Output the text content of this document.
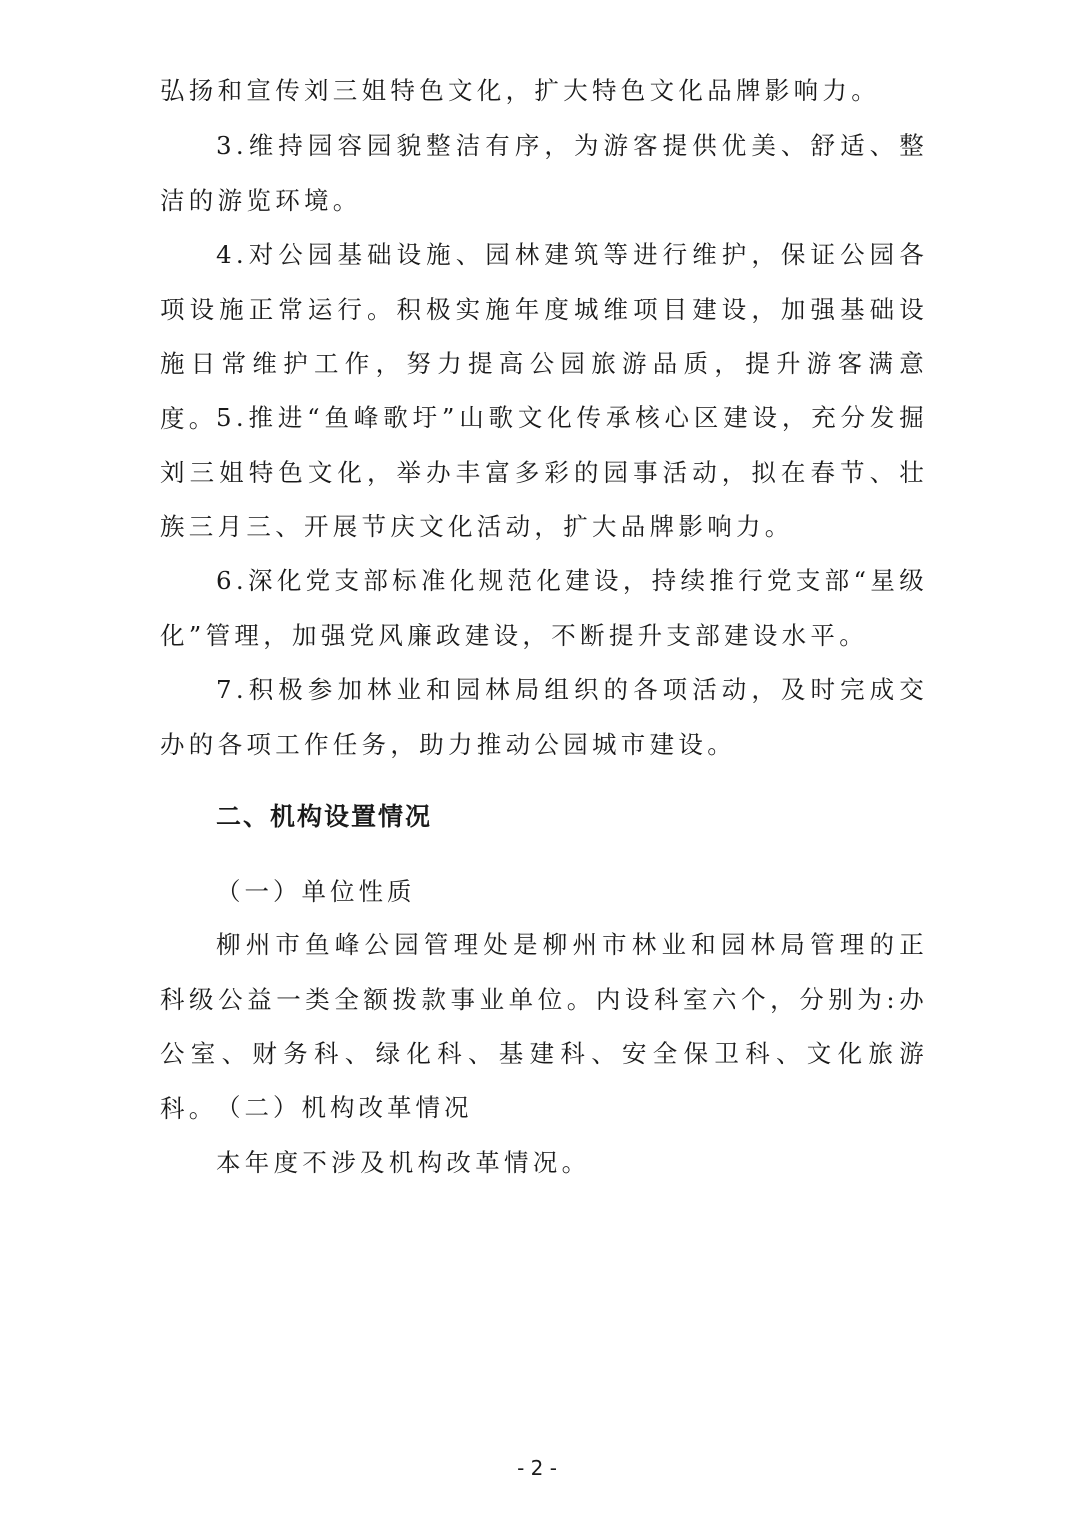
弘扬和宣传刘三姐特色文化，扩大特色文化品牌影响力。

3.维持园容园貌整洁有序，为游客提供优美、舒适、整洁的游览环境。

4.对公园基础设施、园林建筑等进行维护，保证公园各项设施正常运行。积极实施年度城维项目建设，加强基础设施日常维护工作，努力提高公园旅游品质，提升游客满意度。

5.推进“鱼峰歌圩”山歌文化传承核心区建设，充分发掘刘三姐特色文化，举办丰富多彩的园事活动，拟在春节、壮族三月三、开展节庆文化活动，扩大品牌影响力。

6.深化党支部标准化规范化建设，持续推行党支部“星级化”管理，加强党风廉政建设，不断提升支部建设水平。

7.积极参加林业和园林局组织的各项活动，及时完成交办的各项工作任务，助力推动公园城市建设。

二、机构设置情况

（一）单位性质

柳州市鱼峰公园管理处是柳州市林业和园林局管理的正科级公益一类全额拨款事业单位。内设科室六个，分别为:办公室、财务科、绿化科、基建科、安全保卫科、文化旅游科。

（二）机构改革情况

本年度不涉及机构改革情况。

- 2 -
